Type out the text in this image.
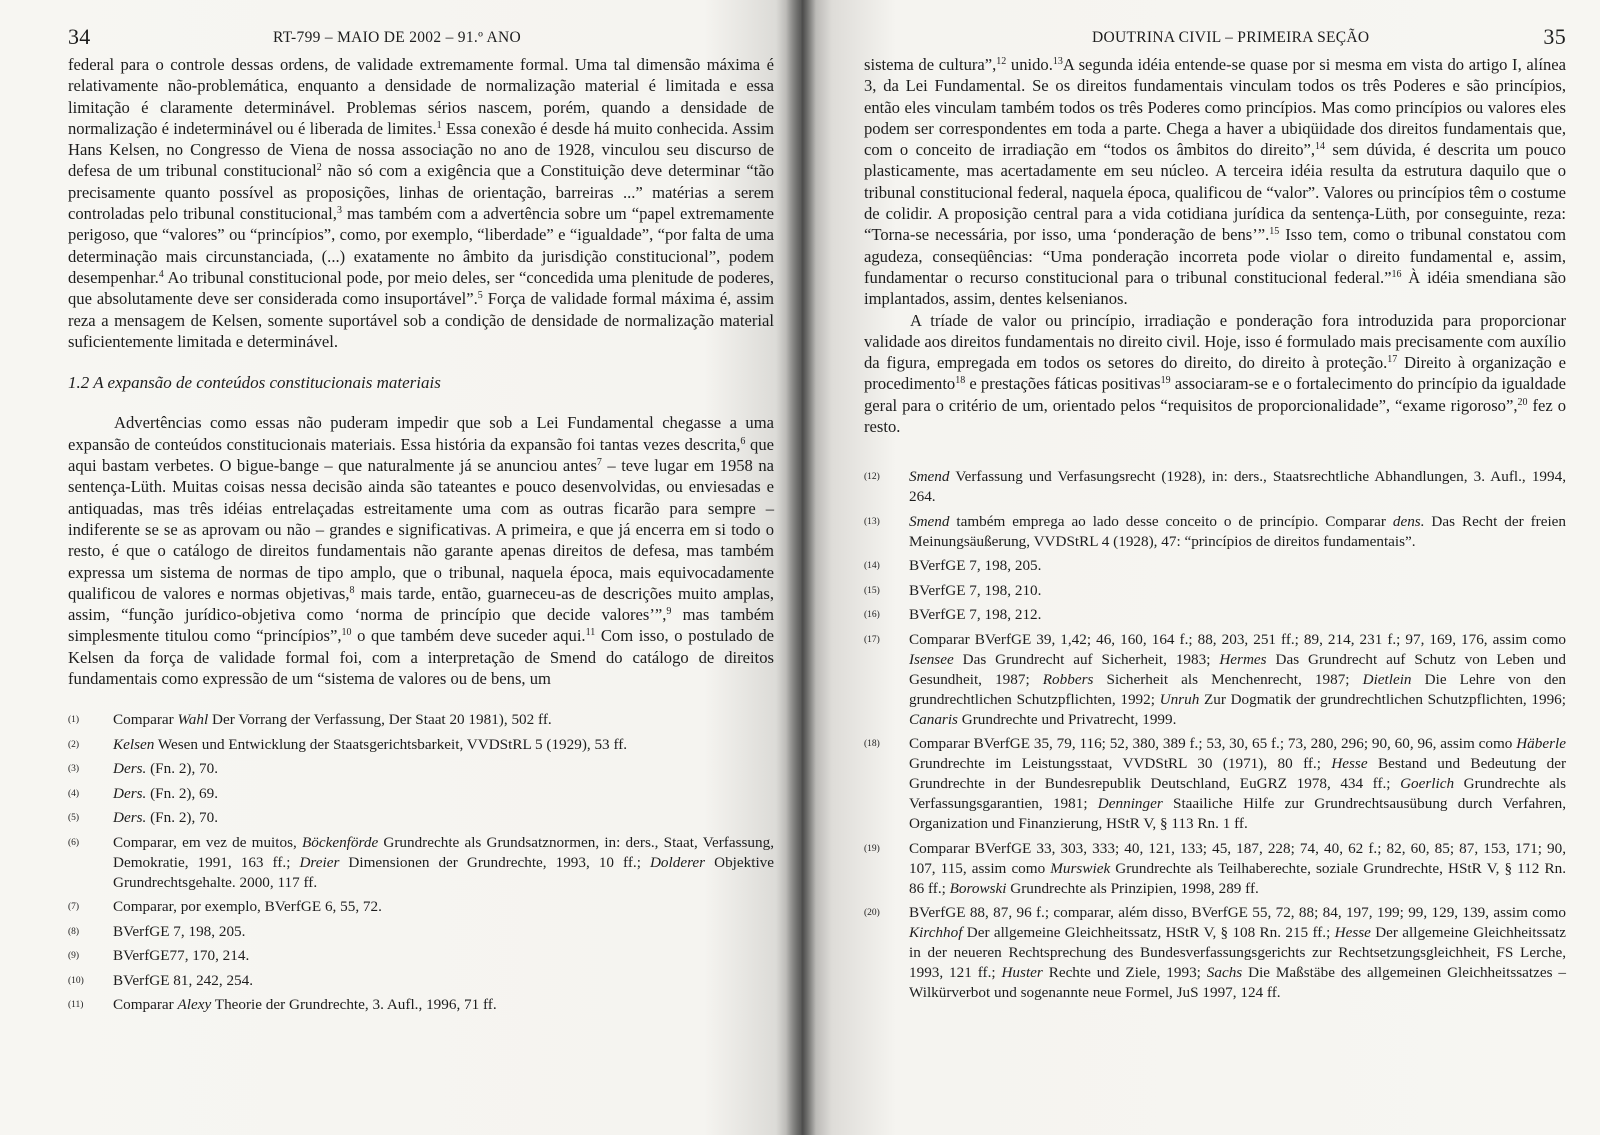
34	RT-799 – MAIO DE 2002 – 91.º ANO

federal para o controle dessas ordens, de validade extremamente formal. Uma tal dimensão máxima é relativamente não-problemática, enquanto a densidade de normalização material é limitada e essa limitação é claramente determinável. Problemas sérios nascem, porém, quando a densidade de normalização é indeterminável ou é liberada de limites.$^1$ Essa conexão é desde há muito conhecida. Assim Hans Kelsen, no Congresso de Viena de nossa associação no ano de 1928, vinculou seu discurso de defesa de um tribunal constitucional$^2$ não só com a exigência que a Constituição deve determinar “tão precisamente quanto possível as proposições, linhas de orientação, barreiras ...” matérias a serem controladas pelo tribunal constitucional,$^3$ mas também com a advertência sobre um “papel extremamente perigoso, que “valores” ou “princípios”, como, por exemplo, “liberdade” e “igualdade”, “por falta de uma determinação mais circunstanciada, (...) exatamente no âmbito da jurisdição constitucional”, podem desempenhar.$^4$ Ao tribunal constitucional pode, por meio deles, ser “concedida uma plenitude de poderes, que absolutamente deve ser considerada como insuportável”.$^5$ Força de validade formal máxima é, assim reza a mensagem de Kelsen, somente suportável sob a condição de densidade de normalização material suficientemente limitada e determinável.

1.2 A expansão de conteúdos constitucionais materiais

Advertências como essas não puderam impedir que sob a Lei Fundamental chegasse a uma expansão de conteúdos constitucionais materiais. Essa história da expansão foi tantas vezes descrita,$^6$ que aqui bastam verbetes. O bigue-bange – que naturalmente já se anunciou antes$^7$ – teve lugar em 1958 na sentença-Lüth. Muitas coisas nessa decisão ainda são tateantes e pouco desenvolvidas, ou enviesadas e antiquadas, mas três idéias entrelaçadas estreitamente uma com as outras ficarão para sempre – indiferente se se as aprovam ou não – grandes e significativas. A primeira, e que já encerra em si todo o resto, é que o catálogo de direitos fundamentais não garante apenas direitos de defesa, mas também expressa um sistema de normas de tipo amplo, que o tribunal, naquela época, mais equivocadamente qualificou de valores e normas objetivas,$^8$ mais tarde, então, guarneceu-as de descrições muito amplas, assim, “função jurídico-objetiva como ‘norma de princípio que decide valores’”,$^9$ mas também simplesmente titulou como “princípios”,$^{10}$ o que também deve suceder aqui.$^{11}$ Com isso, o postulado de Kelsen da força de validade formal foi, com a interpretação de Smend do catálogo de direitos fundamentais como expressão de um “sistema de valores ou de bens, um

(1) Comparar Wahl Der Vorrang der Verfassung, Der Staat 20 1981), 502 ff.
(2) Kelsen Wesen und Entwicklung der Staatsgerichtsbarkeit, VVDStRL 5 (1929), 53 ff.
(3) Ders. (Fn. 2), 70.
(4) Ders. (Fn. 2), 69.
(5) Ders. (Fn. 2), 70.
(6) Comparar, em vez de muitos, Böckenförde Grundrechte als Grundsatznormen, in: ders., Staat, Verfassung, Demokratie, 1991, 163 ff.; Dreier Dimensionen der Grundrechte, 1993, 10 ff.; Dolderer Objektive Grundrechtsgehalte. 2000, 117 ff.
(7) Comparar, por exemplo, BVerfGE 6, 55, 72.
(8) BVerfGE 7, 198, 205.
(9) BVerfGE77, 170, 214.
(10) BVerfGE 81, 242, 254.
(11) Comparar Alexy Theorie der Grundrechte, 3. Aufl., 1996, 71 ff.
DOUTRINA CIVIL – PRIMEIRA SEÇÃO	35

sistema de cultura”,$^{12}$ unido.$^{13}$A segunda idéia entende-se quase por si mesma em vista do artigo I, alínea 3, da Lei Fundamental. Se os direitos fundamentais vinculam todos os três Poderes e são princípios, então eles vinculam também todos os três Poderes como princípios. Mas como princípios ou valores eles podem ser correspondentes em toda a parte. Chega a haver a ubiqüidade dos direitos fundamentais que, com o conceito de irradiação em “todos os âmbitos do direito”,$^{14}$ sem dúvida, é descrita um pouco plasticamente, mas acertadamente em seu núcleo. A terceira idéia resulta da estrutura daquilo que o tribunal constitucional federal, naquela época, qualificou de “valor”. Valores ou princípios têm o costume de colidir. A proposição central para a vida cotidiana jurídica da sentença-Lüth, por conseguinte, reza: “Torna-se necessária, por isso, uma ‘ponderação de bens’”.$^{15}$ Isso tem, como o tribunal constatou com agudeza, conseqüências: “Uma ponderação incorreta pode violar o direito fundamental e, assim, fundamentar o recurso constitucional para o tribunal constitucional federal.”$^{16}$ À idéia smendiana são implantados, assim, dentes kelsenianos.

A tríade de valor ou princípio, irradiação e ponderação fora introduzida para proporcionar validade aos direitos fundamentais no direito civil. Hoje, isso é formulado mais precisamente com auxílio da figura, empregada em todos os setores do direito, do direito à proteção.$^{17}$ Direito à organização e procedimento$^{18}$ e prestações fáticas positivas$^{19}$ associaram-se e o fortalecimento do princípio da igualdade geral para o critério de um, orientado pelos “requisitos de proporcionalidade”, “exame rigoroso”,$^{20}$ fez o resto.

(12) Smend Verfassung und Verfasungsrecht (1928), in: ders., Staatsrechtliche Abhandlungen, 3. Aufl., 1994, 264.
(13) Smend também emprega ao lado desse conceito o de princípio. Comparar dens. Das Recht der freien Meinungsäußerung, VVDStRL 4 (1928), 47: “princípios de direitos fundamentais”.
(14) BVerfGE 7, 198, 205.
(15) BVerfGE 7, 198, 210.
(16) BVerfGE 7, 198, 212.
(17) Comparar BVerfGE 39, 1,42; 46, 160, 164 f.; 88, 203, 251 ff.; 89, 214, 231 f.; 97, 169, 176, assim como Isensee Das Grundrecht auf Sicherheit, 1983; Hermes Das Grundrecht auf Schutz von Leben und Gesundheit, 1987; Robbers Sicherheit als Menchenrecht, 1987; Dietlein Die Lehre von den grundrechtlichen Schutzpflichten, 1992; Unruh Zur Dogmatik der grundrechtlichen Schutzpflichten, 1996; Canaris Grundrechte und Privatrecht, 1999.
(18) Comparar BVerfGE 35, 79, 116; 52, 380, 389 f.; 53, 30, 65 f.; 73, 280, 296; 90, 60, 96, assim como Häberle Grundrechte im Leistungsstaat, VVDStRL 30 (1971), 80 ff.; Hesse Bestand und Bedeutung der Grundrechte in der Bundesrepublik Deutschland, EuGRZ 1978, 434 ff.; Goerlich Grundrechte als Verfassungsgarantien, 1981; Denninger Staailiche Hilfe zur Grundrechtsausübung durch Verfahren, Organization und Finanzierung, HStR V, § 113 Rn. 1 ff.
(19) Comparar BVerfGE 33, 303, 333; 40, 121, 133; 45, 187, 228; 74, 40, 62 f.; 82, 60, 85; 87, 153, 171; 90, 107, 115, assim como Murswiek Grundrechte als Teilhaberechte, soziale Grundrechte, HStR V, § 112 Rn. 86 ff.; Borowski Grundrechte als Prinzipien, 1998, 289 ff.
(20) BVerfGE 88, 87, 96 f.; comparar, além disso, BVerfGE 55, 72, 88; 84, 197, 199; 99, 129, 139, assim como Kirchhof Der allgemeine Gleichheitssatz, HStR V, § 108 Rn. 215 ff.; Hesse Der allgemeine Gleichheitssatz in der neueren Rechtsprechung des Bundesverfassungsgerichts zur Rechtsetzungsgleichheit, FS Lerche, 1993, 121 ff.; Huster Rechte und Ziele, 1993; Sachs Die Maßstäbe des allgemeinen Gleichheitssatzes – Wilkürverbot und sogenannte neue Formel, JuS 1997, 124 ff.
